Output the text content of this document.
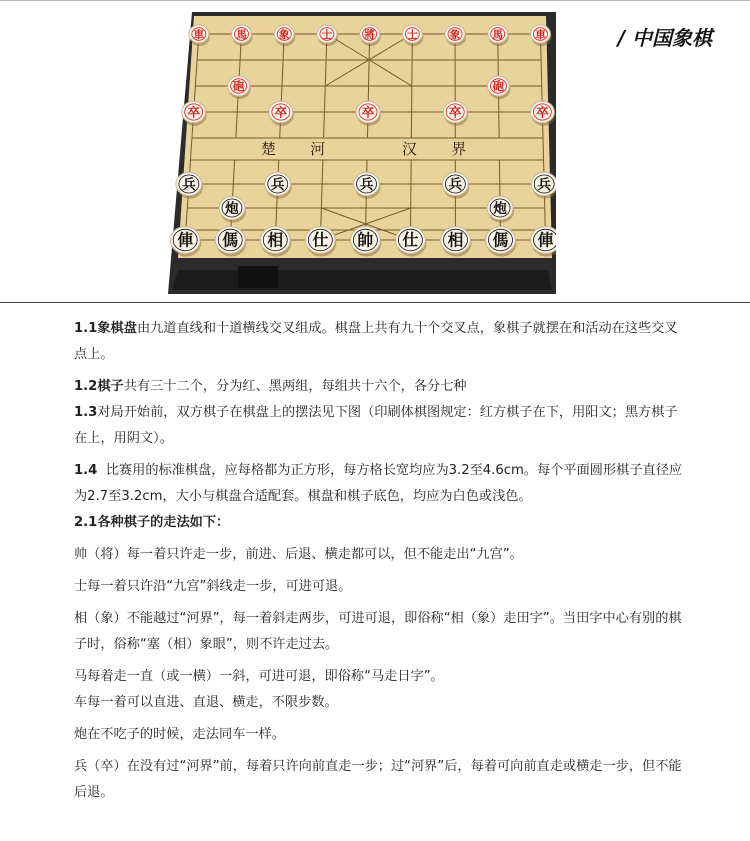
/ 中国象棋
楚 河	汉 界
車	馬	象	士	將	士	象	馬	車
砲	砲
卒	卒	卒	卒	卒
兵	兵	兵	兵	兵
炮	炮
俥 傌 相 仕 帥 仕 相 傌 俥

1.1象棋盘由九道直线和十道横线交叉组成。棋盘上共有九十个交叉点，象棋子就摆在和活动在这些交叉点上。

1.2棋子共有三十二个，分为红、黑两组，每组共十六个，各分七种

1.3对局开始前，双方棋子在棋盘上的摆法见下图（印刷体棋图规定：红方棋子在下，用阳文；黑方棋子在上，用阴文）。

1.4 比赛用的标准棋盘，应每格都为正方形，每方格长宽均应为3.2至4.6cm。每个平面圆形棋子直径应为2.7至3.2cm，大小与棋盘合适配套。棋盘和棋子底色，均应为白色或浅色。

2.1各种棋子的走法如下：

帅（将）每一着只许走一步，前进、后退、横走都可以，但不能走出“九宫”。

士每一着只许沿“九宫”斜线走一步，可进可退。

相（象）不能越过“河界”，每一着斜走两步，可进可退，即俗称“相（象）走田字”。当田字中心有别的棋子时，俗称“塞（相）象眼”，则不许走过去。

马每着走一直（或一横）一斜，可进可退，即俗称“马走日字”。

车每一着可以直进、直退、横走，不限步数。

炮在不吃子的时候，走法同车一样。

兵（卒）在没有过“河界”前，每着只许向前直走一步；过“河界”后，每着可向前直走或横走一步，但不能后退。
